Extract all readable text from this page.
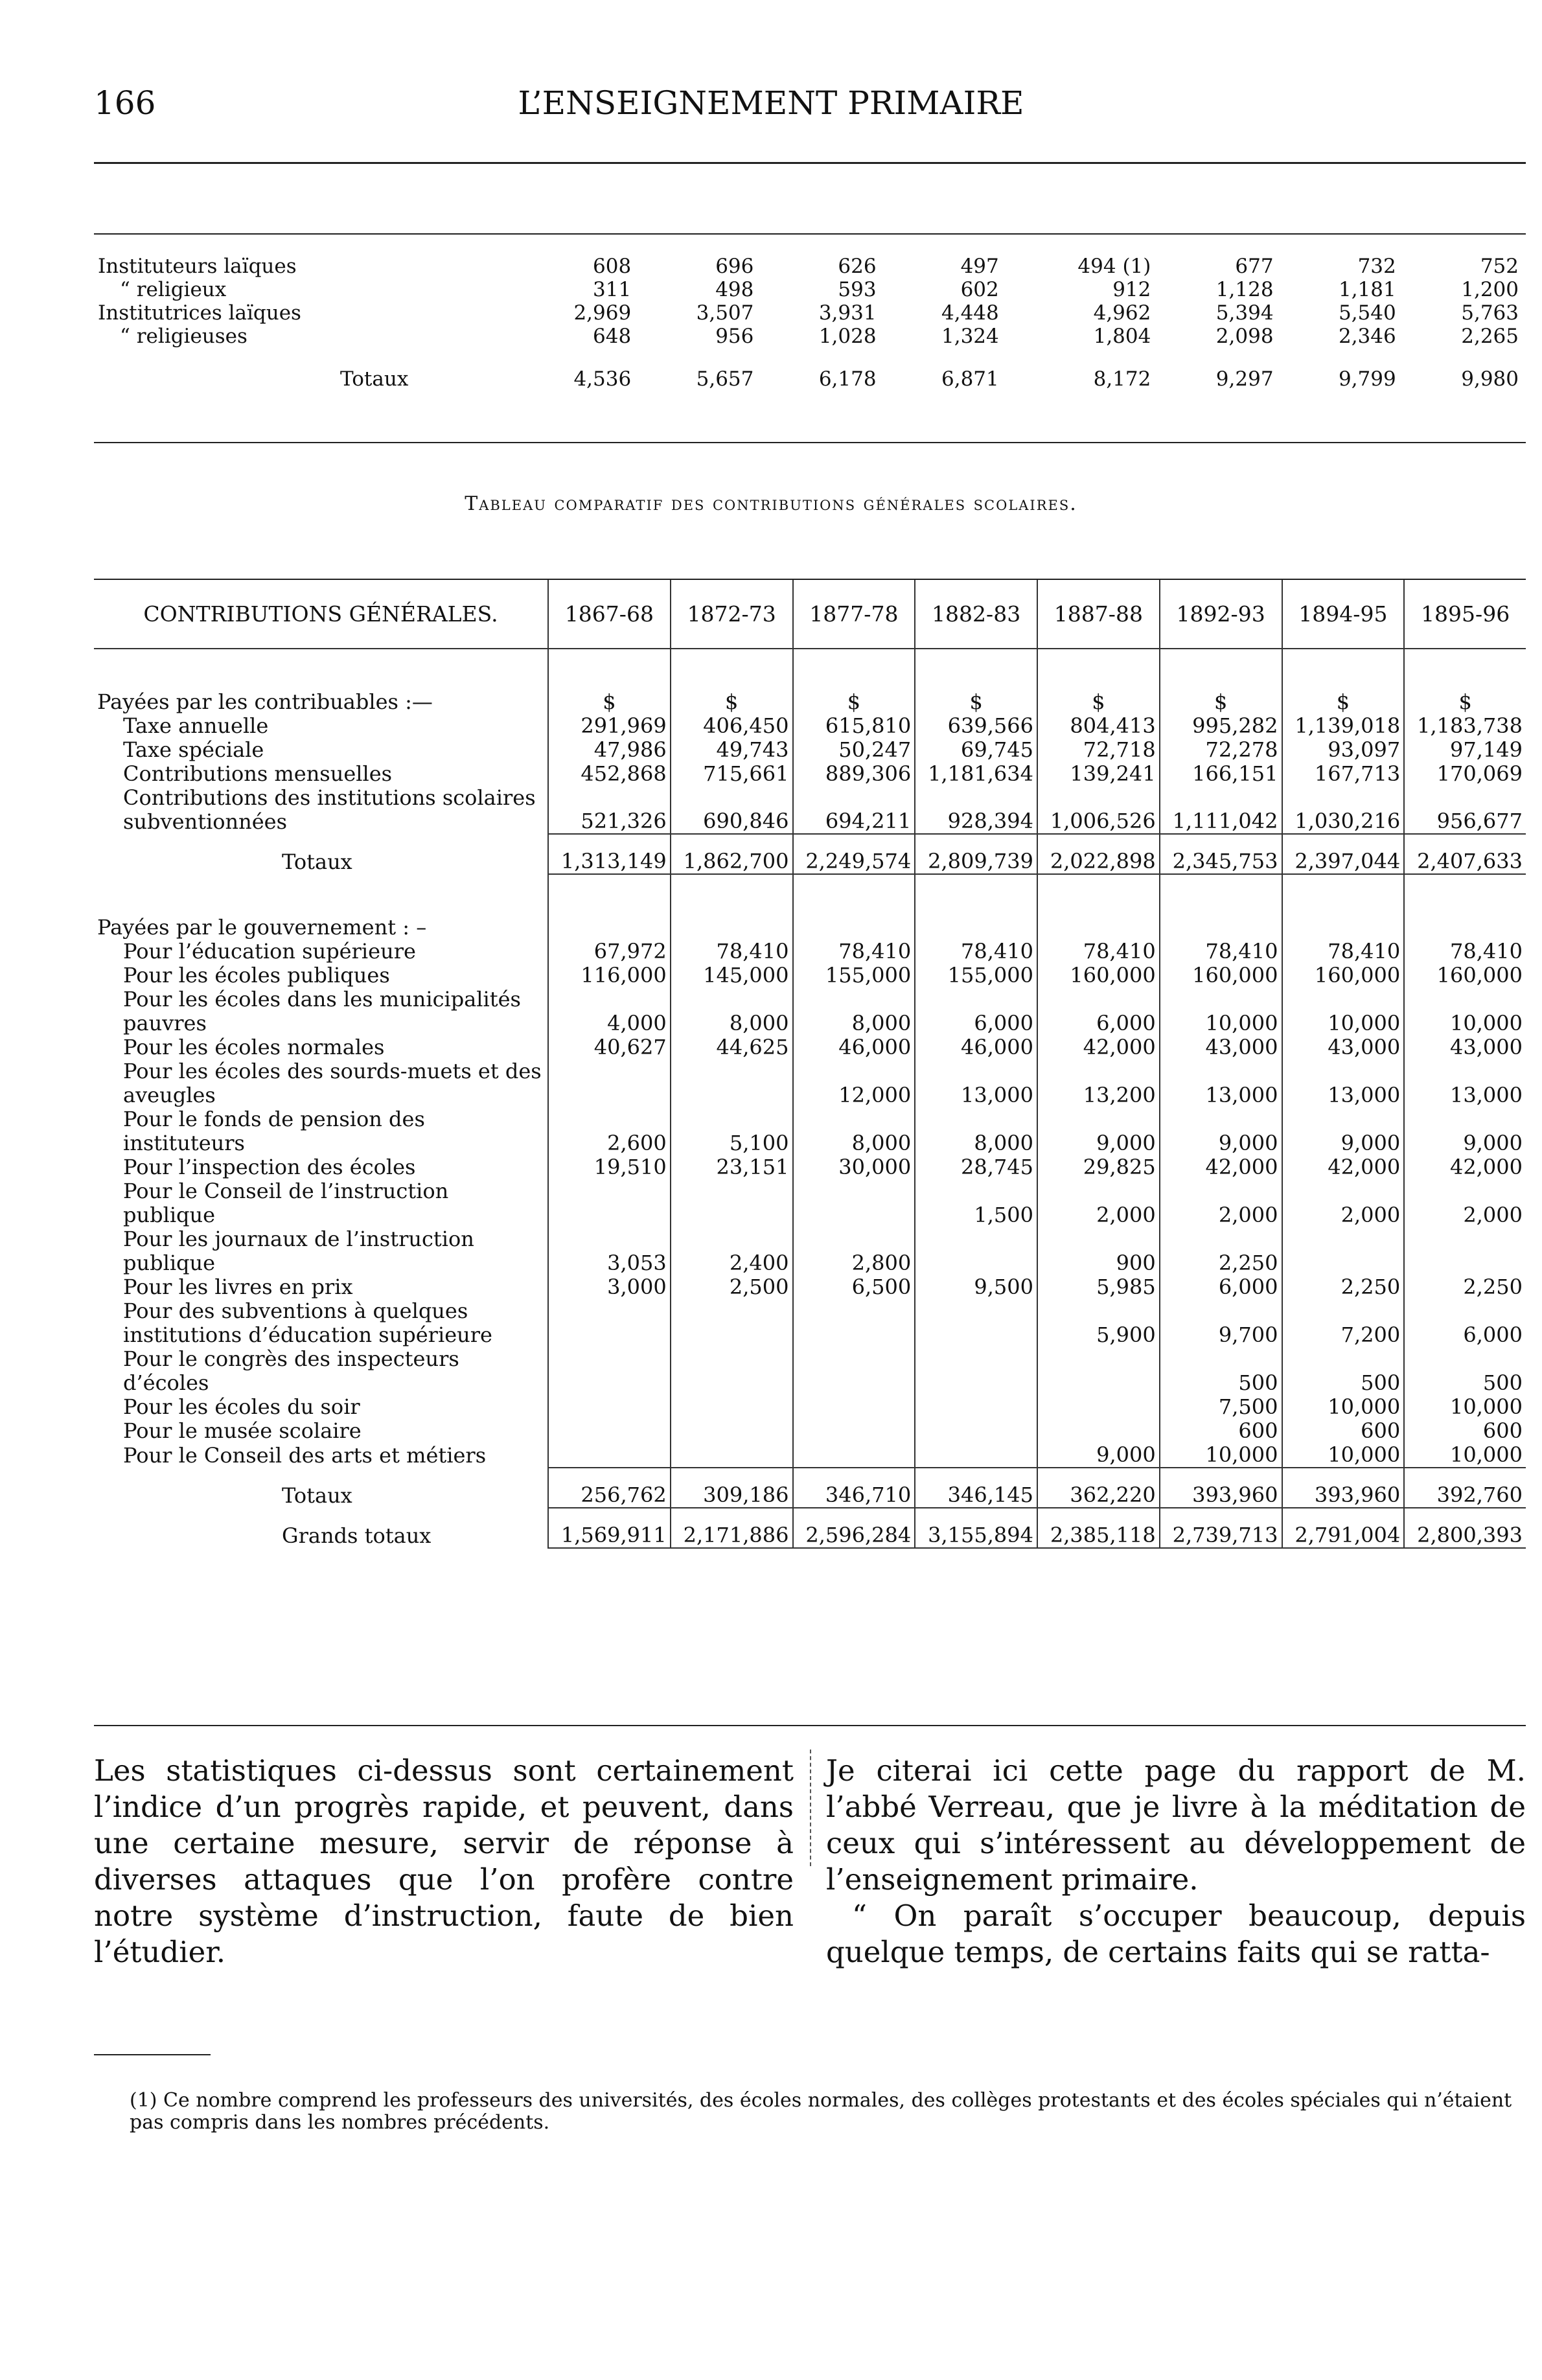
166	L’ENSEIGNEMENT PRIMAIRE
Instituteurs laïques	608	696	626	497	494 (1)	677	732	752
“ religieux	311	498	593	602	912	1,128	1,181	1,200
Institutrices laïques	2,969	3,507	3,931	4,448	4,962	5,394	5,540	5,763
“ religieuses	648	956	1,028	1,324	1,804	2,098	2,346	2,265
Totaux	4,536	5,657	6,178	6,871	8,172	9,297	9,799	9,980
Tableau comparatif des contributions générales scolaires.
CONTRIBUTIONS GÉNÉRALES.	1867-68	1872-73	1877-78	1882-83	1887-88	1892-93	1894-95	1895-96

Payées par les contribuables :—	$	$	$	$	$	$	$	$
Taxe annuelle	291,969	406,450	615,810	639,566	804,413	995,282	1,139,018	1,183,738
Taxe spéciale	47,986	49,743	50,247	69,745	72,718	72,278	93,097	97,149
Contributions mensuelles	452,868	715,661	889,306	1,181,634	139,241	166,151	167,713	170,069
Contributions des institutions scolaires subventionnées	521,326	690,846	694,211	928,394	1,006,526	1,111,042	1,030,216	956,677
Totaux	1,313,149	1,862,700	2,249,574	2,809,739	2,022,898	2,345,753	2,397,044	2,407,633

Payées par le gouvernement : –								
Pour l’éducation supérieure	67,972	78,410	78,410	78,410	78,410	78,410	78,410	78,410
Pour les écoles publiques	116,000	145,000	155,000	155,000	160,000	160,000	160,000	160,000
Pour les écoles dans les municipalités pauvres	4,000	8,000	8,000	6,000	6,000	10,000	10,000	10,000
Pour les écoles normales	40,627	44,625	46,000	46,000	42,000	43,000	43,000	43,000
Pour les écoles des sourds-muets et des aveugles			12,000	13,000	13,200	13,000	13,000	13,000
Pour le fonds de pension des instituteurs	2,600	5,100	8,000	8,000	9,000	9,000	9,000	9,000
Pour l’inspection des écoles	19,510	23,151	30,000	28,745	29,825	42,000	42,000	42,000
Pour le Conseil de l’instruction publique				1,500	2,000	2,000	2,000	2,000
Pour les journaux de l’instruction publique	3,053	2,400	2,800		900	2,250		
Pour les livres en prix	3,000	2,500	6,500	9,500	5,985	6,000	2,250	2,250
Pour des subventions à quelques institutions d’éducation supérieure					5,900	9,700	7,200	6,000
Pour le congrès des inspecteurs d’écoles						500	500	500
Pour les écoles du soir						7,500	10,000	10,000
Pour le musée scolaire						600	600	600
Pour le Conseil des arts et métiers					9,000	10,000	10,000	10,000
Totaux	256,762	309,186	346,710	346,145	362,220	393,960	393,960	392,760
Grands totaux	1,569,911	2,171,886	2,596,284	3,155,894	2,385,118	2,739,713	2,791,004	2,800,393

Les statistiques ci-dessus sont certainement l’indice d’un progrès rapide, et peuvent, dans une certaine mesure, servir de réponse à diverses attaques que l’on profère contre notre système d’instruction, faute de bien l’étudier.

Je citerai ici cette page du rapport de M. l’abbé Verreau, que je livre à la méditation de ceux qui s’intéressent au développement de l’enseignement primaire.

“ On paraît s’occuper beaucoup, depuis quelque temps, de certains faits qui se ratta-

(1) Ce nombre comprend les professeurs des universités, des écoles normales, des collèges protestants et des écoles spéciales qui n’étaient pas compris dans les nombres précédents.
